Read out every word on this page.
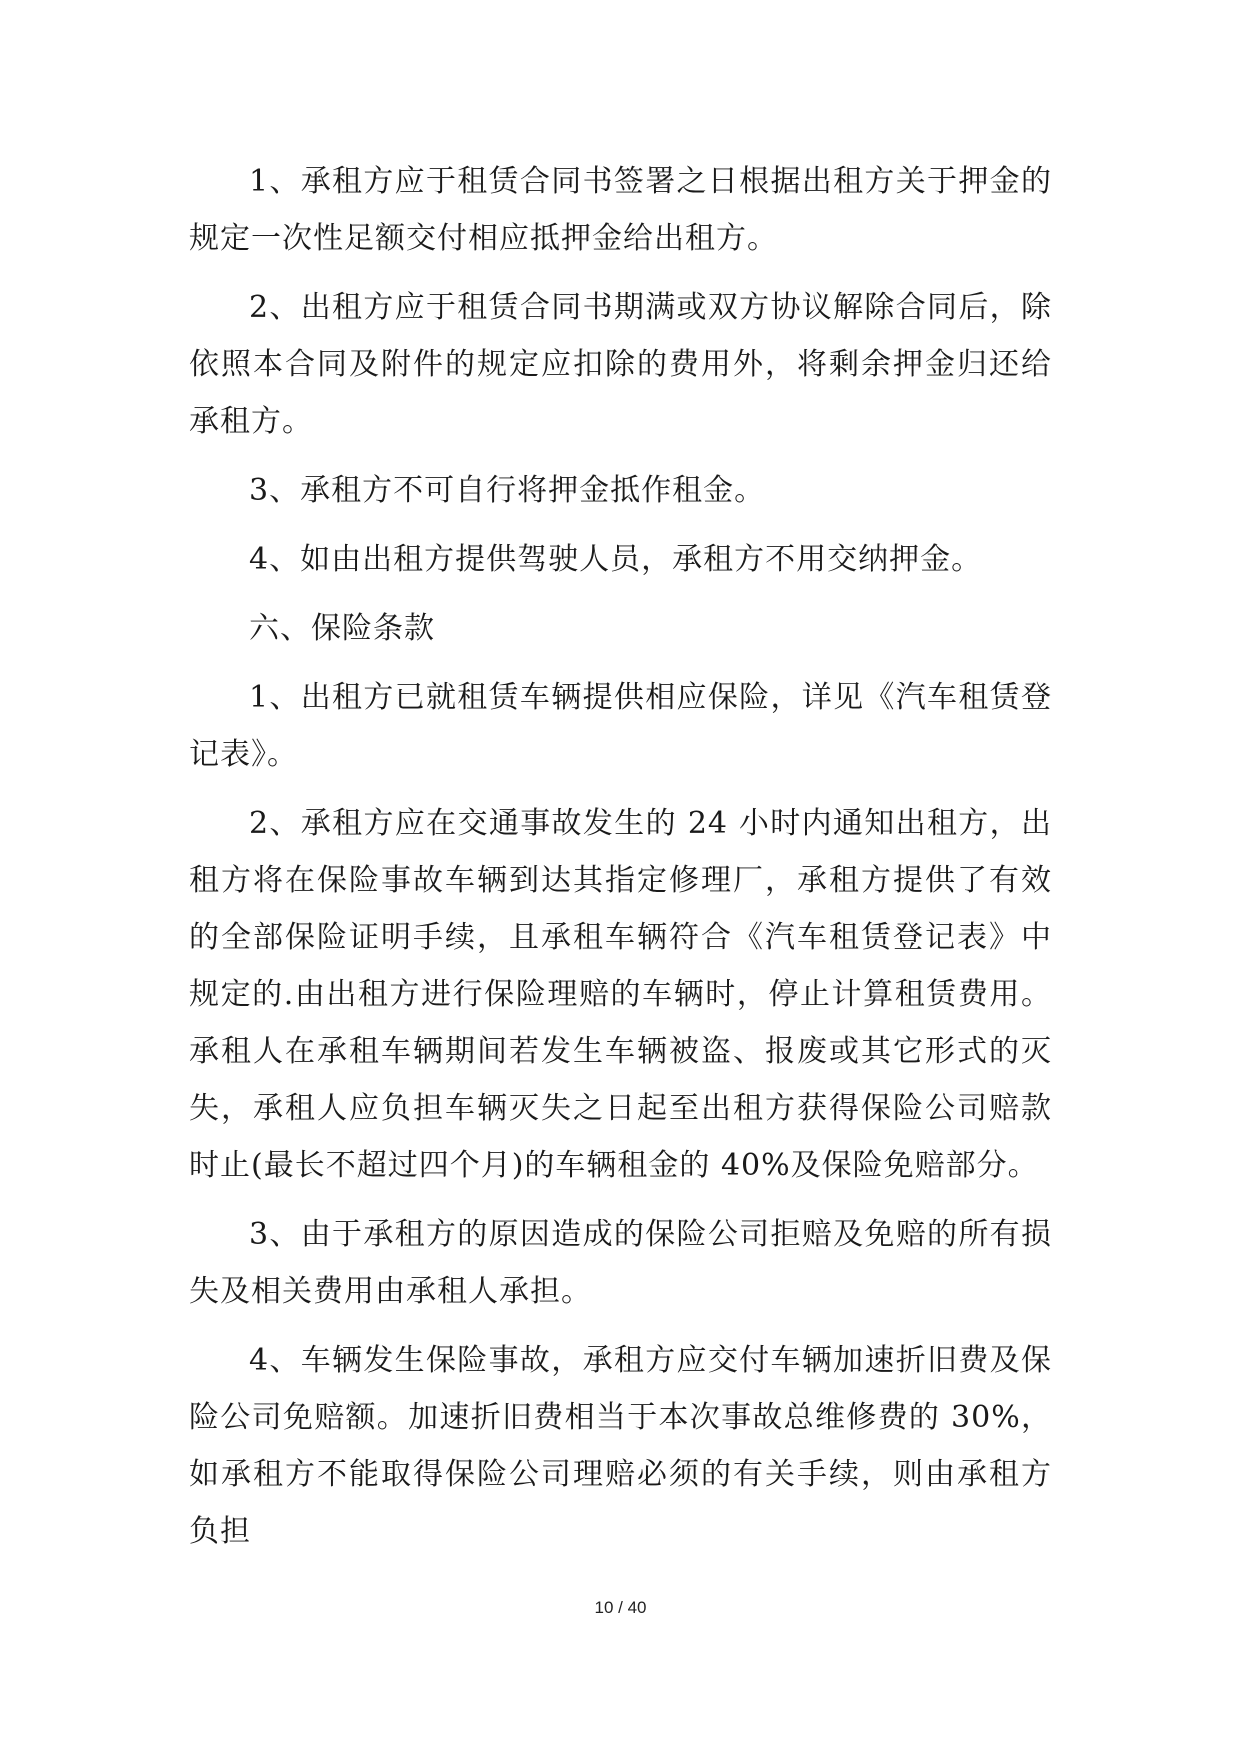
1、承租方应于租赁合同书签署之日根据出租方关于押金的规定一次性足额交付相应抵押金给出租方。

2、出租方应于租赁合同书期满或双方协议解除合同后，除依照本合同及附件的规定应扣除的费用外，将剩余押金归还给承租方。

3、承租方不可自行将押金抵作租金。

4、如由出租方提供驾驶人员，承租方不用交纳押金。

六、保险条款

1、出租方已就租赁车辆提供相应保险，详见《汽车租赁登记表》。

2、承租方应在交通事故发生的 24 小时内通知出租方，出租方将在保险事故车辆到达其指定修理厂，承租方提供了有效的全部保险证明手续，且承租车辆符合《汽车租赁登记表》中规定的.由出租方进行保险理赔的车辆时，停止计算租赁费用。承租人在承租车辆期间若发生车辆被盗、报废或其它形式的灭失，承租人应负担车辆灭失之日起至出租方获得保险公司赔款时止(最长不超过四个月)的车辆租金的 40%及保险免赔部分。

3、由于承租方的原因造成的保险公司拒赔及免赔的所有损失及相关费用由承租人承担。

4、车辆发生保险事故，承租方应交付车辆加速折旧费及保险公司免赔额。加速折旧费相当于本次事故总维修费的 30%，如承租方不能取得保险公司理赔必须的有关手续，则由承租方负担

10 / 40
